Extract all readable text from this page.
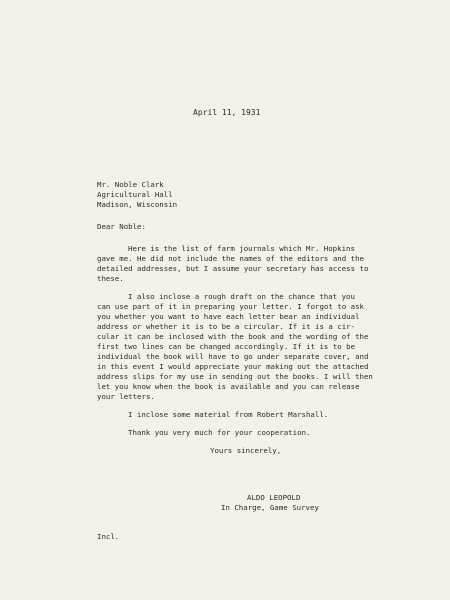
April 11, 1931
Mr. Noble Clark
Agricultural Hall
Madison, Wisconsin
Dear Noble:
Here is the list of farm journals which Mr. Hopkins
gave me. He did not include the names of the editors and the
detailed addresses, but I assume your secretary has access to
these.
I also inclose a rough draft on the chance that you
can use part of it in preparing your letter. I forgot to ask
you whether you want to have each letter bear an individual
address or whether it is to be a circular. If it is a cir-
cular it can be inclosed with the book and the wording of the
first two lines can be changed accordingly. If it is to be
individual the book will have to go under separate cover, and
in this event I would appreciate your making out the attached
address slips for my use in sending out the books. I will then
let you know when the book is available and you can release
your letters.
I inclose some material from Robert Marshall.
Thank you very much for your cooperation.
Yours sincerely,
ALDO LEOPOLD
In Charge, Game Survey
Incl.
